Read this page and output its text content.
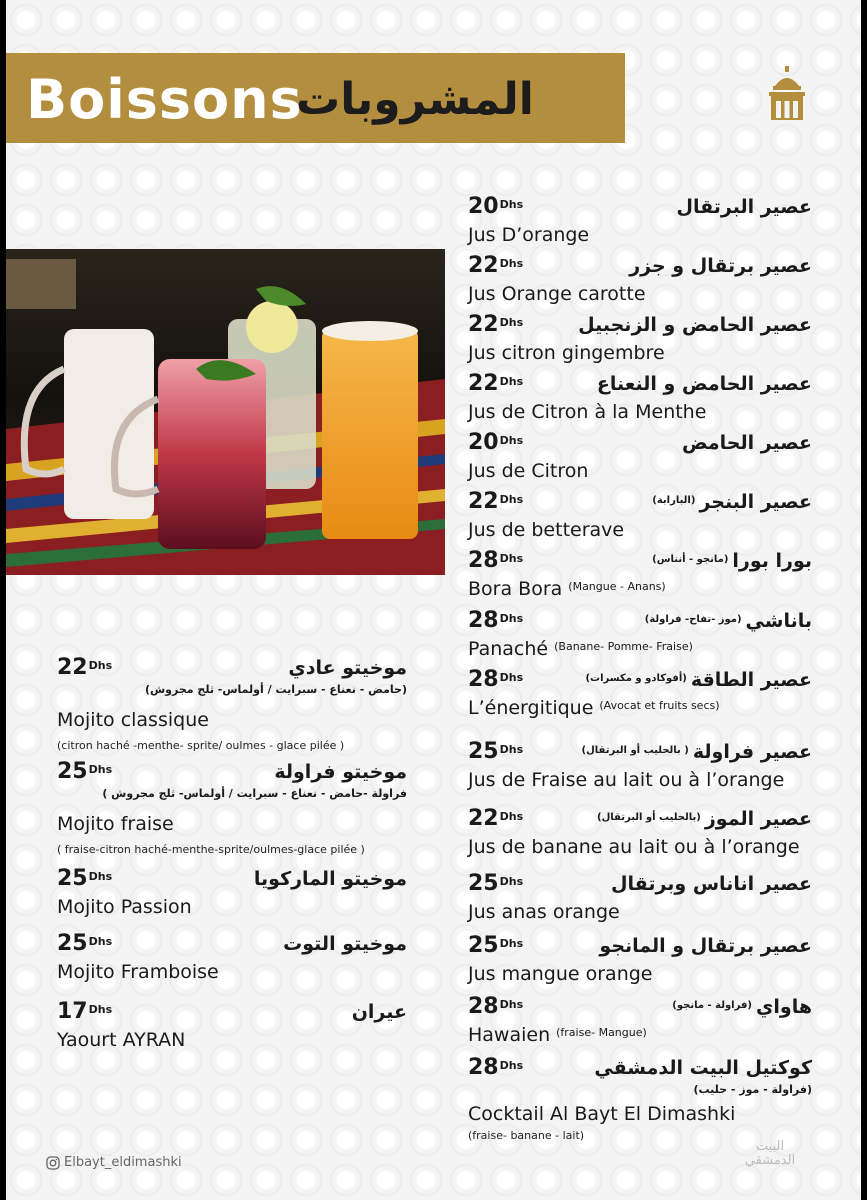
Boissons
المشروبات
$20^{Dhs}$	عصير البرتقال
Jus D’orange
$22^{Dhs}$	عصير برتقال و جزر
Jus Orange carotte
$22^{Dhs}$	عصير الحامض و الزنجبيل
Jus citron gingembre
$22^{Dhs}$	عصير الحامض و النعناع
Jus de Citron à la Menthe
$20^{Dhs}$	عصير الحامض
Jus de Citron
$22^{Dhs}$	عصير البنجر$^{(البارابة)}$
Jus de betterave
$28^{Dhs}$	بورا بورا$^{(مانجو - أنناس)}$
Bora Bora $^{(Mangue - Anans)}$
$28^{Dhs}$	باناشي$^{(موز -تفاح- فراولة)}$
Panaché $^{(Banane- Pomme- Fraise)}$
$28^{Dhs}$	عصير الطاقة$^{(أفوكادو و مكسرات)}$
L’énergitique $^{(Avocat et fruits secs)}$
$25^{Dhs}$	عصير فراولة$^{( بالحليب أو البرتقال)}$
Jus de Fraise au lait ou à l’orange
$22^{Dhs}$	عصير الموز$^{(بالحليب أو البرتقال)}$
Jus de banane au lait ou à l’orange
$25^{Dhs}$	عصير اناناس وبرتقال
Jus anas orange
$25^{Dhs}$	عصير برتقال و المانجو
Jus mangue orange
$28^{Dhs}$	هاواي$^{(فراولة - مانجو)}$
Hawaien $^{(fraise- Mangue)}$
$28^{Dhs}$	كوكتيل البيت الدمشقي
(فراولة - موز - حليب)
Cocktail Al Bayt El Dimashki
(fraise- banane - lait)
$22^{Dhs}$	موخيتو عادي
(حامض - نعناع - سبرايت / أولماس- ثلج مجروش)
Mojito classique
(citron haché -menthe- sprite/ oulmes - glace pilée )
$25^{Dhs}$	موخيتو فراولة
فراولة -حامض - نعناع - سبرايت / أولماس- ثلج مجروش )
Mojito fraise
( fraise-citron haché-menthe-sprite/oulmes-glace pilée )
$25^{Dhs}$	موخيتو الماركويا
Mojito Passion
$25^{Dhs}$	موخيتو التوت
Mojito Framboise
$17^{Dhs}$	عيران
Yaourt AYRAN
Elbayt_eldimashki
البيت الدمشقي
